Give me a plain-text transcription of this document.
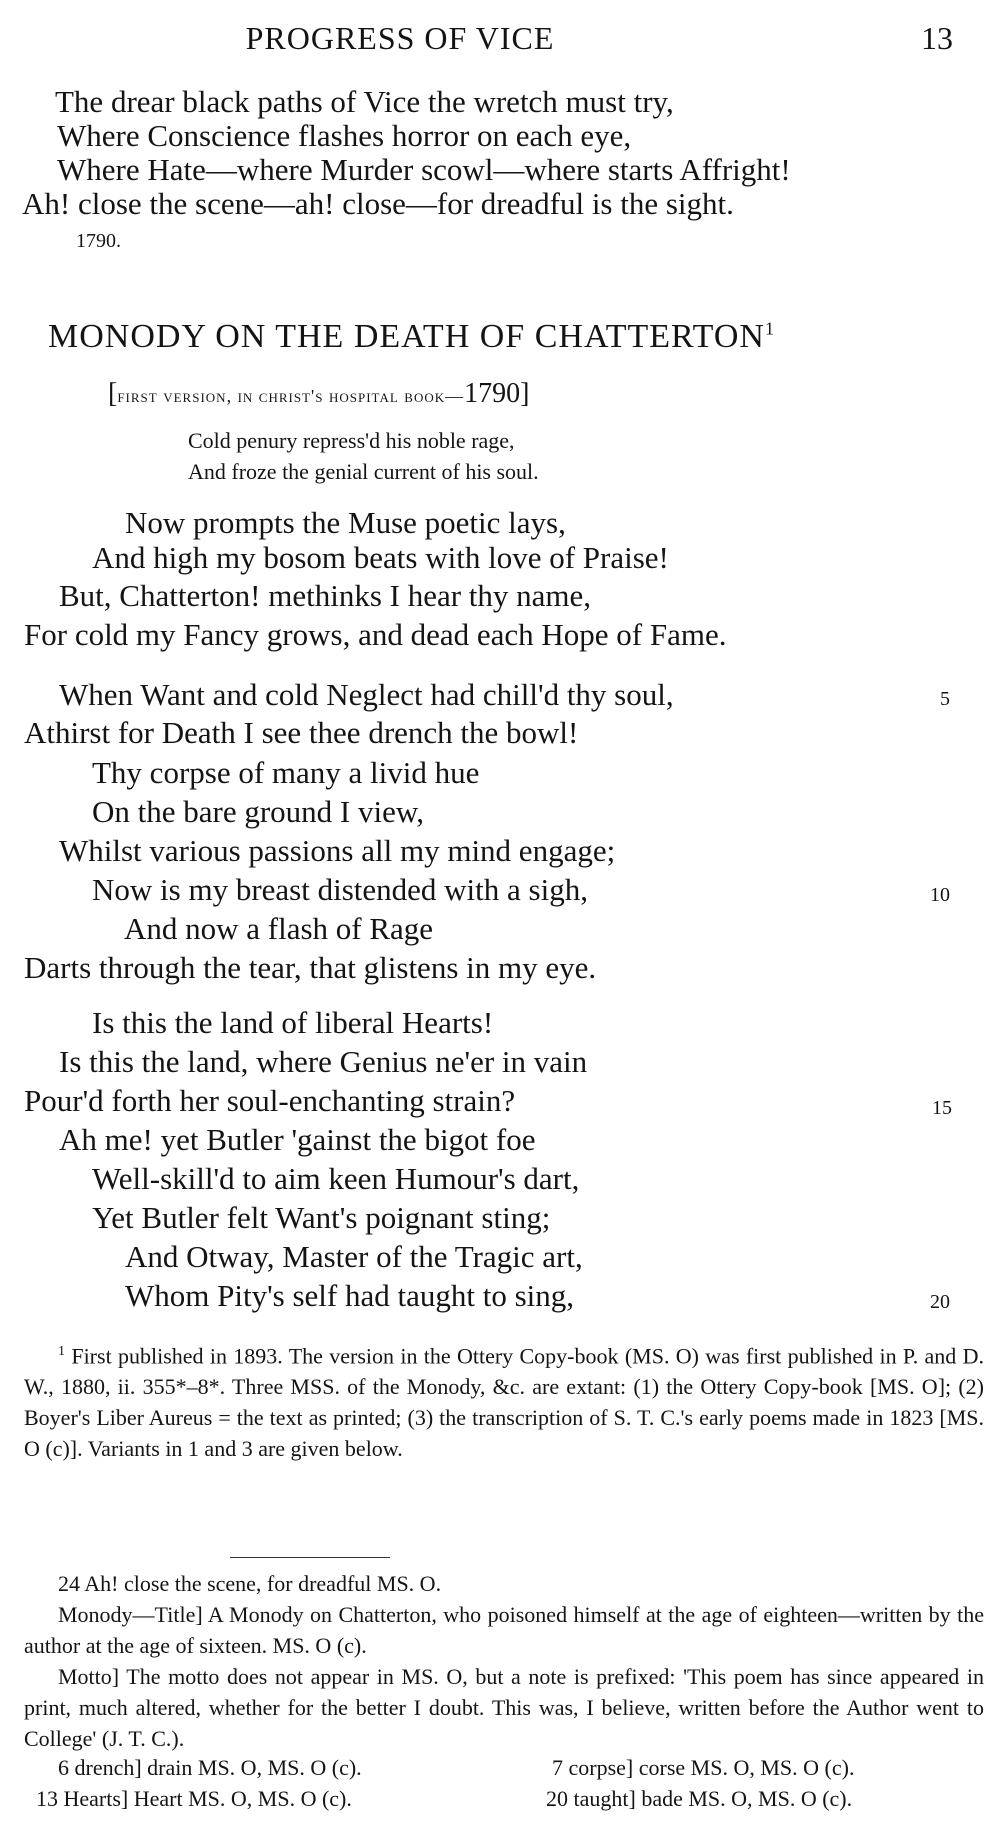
PROGRESS OF VICE	13
The drear black paths of Vice the wretch must try,
Where Conscience flashes horror on each eye,
Where Hate—where Murder scowl—where starts Affright!
Ah! close the scene—ah! close—for dreadful is the sight.
1790.
MONODY ON THE DEATH OF CHATTERTON$^1$
[first version, in christ's hospital book—1790]
Cold penury repress'd his noble rage,
And froze the genial current of his soul.
Now prompts the Muse poetic lays,
And high my bosom beats with love of Praise!
But, Chatterton! methinks I hear thy name,
For cold my Fancy grows, and dead each Hope of Fame.
When Want and cold Neglect had chill'd thy soul,	5
Athirst for Death I see thee drench the bowl!
Thy corpse of many a livid hue
On the bare ground I view,
Whilst various passions all my mind engage;
Now is my breast distended with a sigh,	10
And now a flash of Rage
Darts through the tear, that glistens in my eye.
Is this the land of liberal Hearts!
Is this the land, where Genius ne'er in vain
Pour'd forth her soul-enchanting strain?	15
Ah me! yet Butler 'gainst the bigot foe
Well-skill'd to aim keen Humour's dart,
Yet Butler felt Want's poignant sting;
And Otway, Master of the Tragic art,
Whom Pity's self had taught to sing,	20
$^1$ First published in 1893. The version in the Ottery Copy-book (MS. O) was first published in P. and D. W., 1880, ii. 355*–8*. Three MSS. of the Monody, &c. are extant: (1) the Ottery Copy-book [MS. O]; (2) Boyer's Liber Aureus = the text as printed; (3) the transcription of S. T. C.'s early poems made in 1823 [MS. O (c)]. Variants in 1 and 3 are given below.
24 Ah! close the scene, for dreadful MS. O.
Monody—Title] A Monody on Chatterton, who poisoned himself at the age of eighteen—written by the author at the age of sixteen. MS. O (c).
Motto] The motto does not appear in MS. O, but a note is prefixed: 'This poem has since appeared in print, much altered, whether for the better I doubt. This was, I believe, written before the Author went to College' (J. T. C.).
6 drench] drain MS. O, MS. O (c).	7 corpse] corse MS. O, MS. O (c).
13 Hearts] Heart MS. O, MS. O (c).	20 taught] bade MS. O, MS. O (c).
